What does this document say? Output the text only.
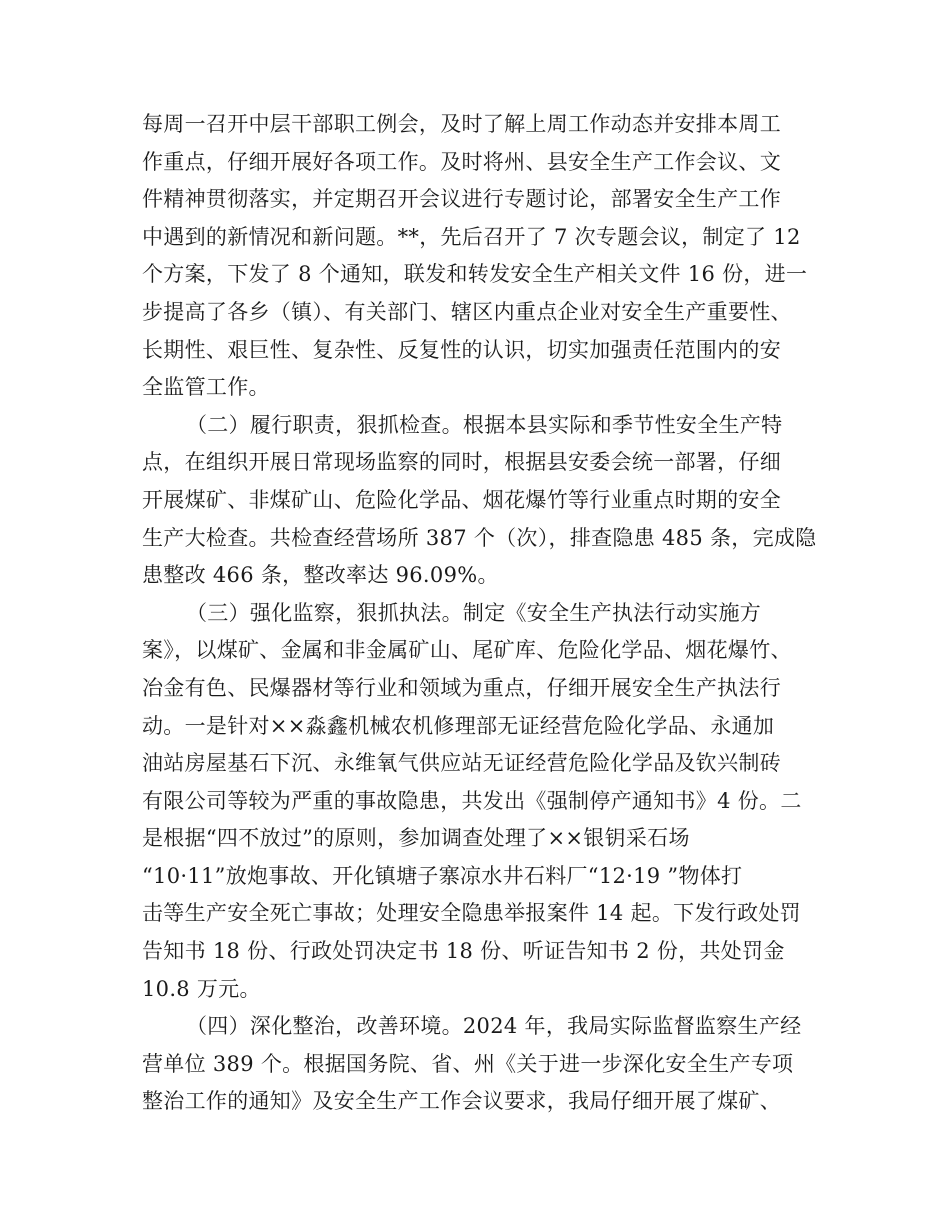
每周一召开中层干部职工例会，及时了解上周工作动态并安排本周工
作重点，仔细开展好各项工作。及时将州、县安全生产工作会议、文
件精神贯彻落实，并定期召开会议进行专题讨论，部署安全生产工作
中遇到的新情况和新问题。**，先后召开了 7 次专题会议，制定了 12
个方案，下发了 8 个通知，联发和转发安全生产相关文件 16 份，进一
步提高了各乡（镇）、有关部门、辖区内重点企业对安全生产重要性、
长期性、艰巨性、复杂性、反复性的认识，切实加强责任范围内的安
全监管工作。
（二）履行职责，狠抓检查。根据本县实际和季节性安全生产特
点，在组织开展日常现场监察的同时，根据县安委会统一部署，仔细
开展煤矿、非煤矿山、危险化学品、烟花爆竹等行业重点时期的安全
生产大检查。共检查经营场所 387 个（次），排查隐患 485 条，完成隐
患整改 466 条，整改率达 96.09%。
（三）强化监察，狠抓执法。制定《安全生产执法行动实施方
案》，以煤矿、金属和非金属矿山、尾矿库、危险化学品、烟花爆竹、
冶金有色、民爆器材等行业和领域为重点，仔细开展安全生产执法行
动。一是针对××淼鑫机械农机修理部无证经营危险化学品、永通加
油站房屋基石下沉、永维氧气供应站无证经营危险化学品及钦兴制砖
有限公司等较为严重的事故隐患，共发出《强制停产通知书》4 份。二
是根据“四不放过”的原则，参加调查处理了××银钥采石场
“10·11”放炮事故、开化镇塘子寨凉水井石料厂“12·19 ”物体打
击等生产安全死亡事故；处理安全隐患举报案件 14 起。下发行政处罚
告知书 18 份、行政处罚决定书 18 份、听证告知书 2 份，共处罚金
10.8 万元。
（四）深化整治，改善环境。2024 年，我局实际监督监察生产经
营单位 389 个。根据国务院、省、州《关于进一步深化安全生产专项
整治工作的通知》及安全生产工作会议要求，我局仔细开展了煤矿、
